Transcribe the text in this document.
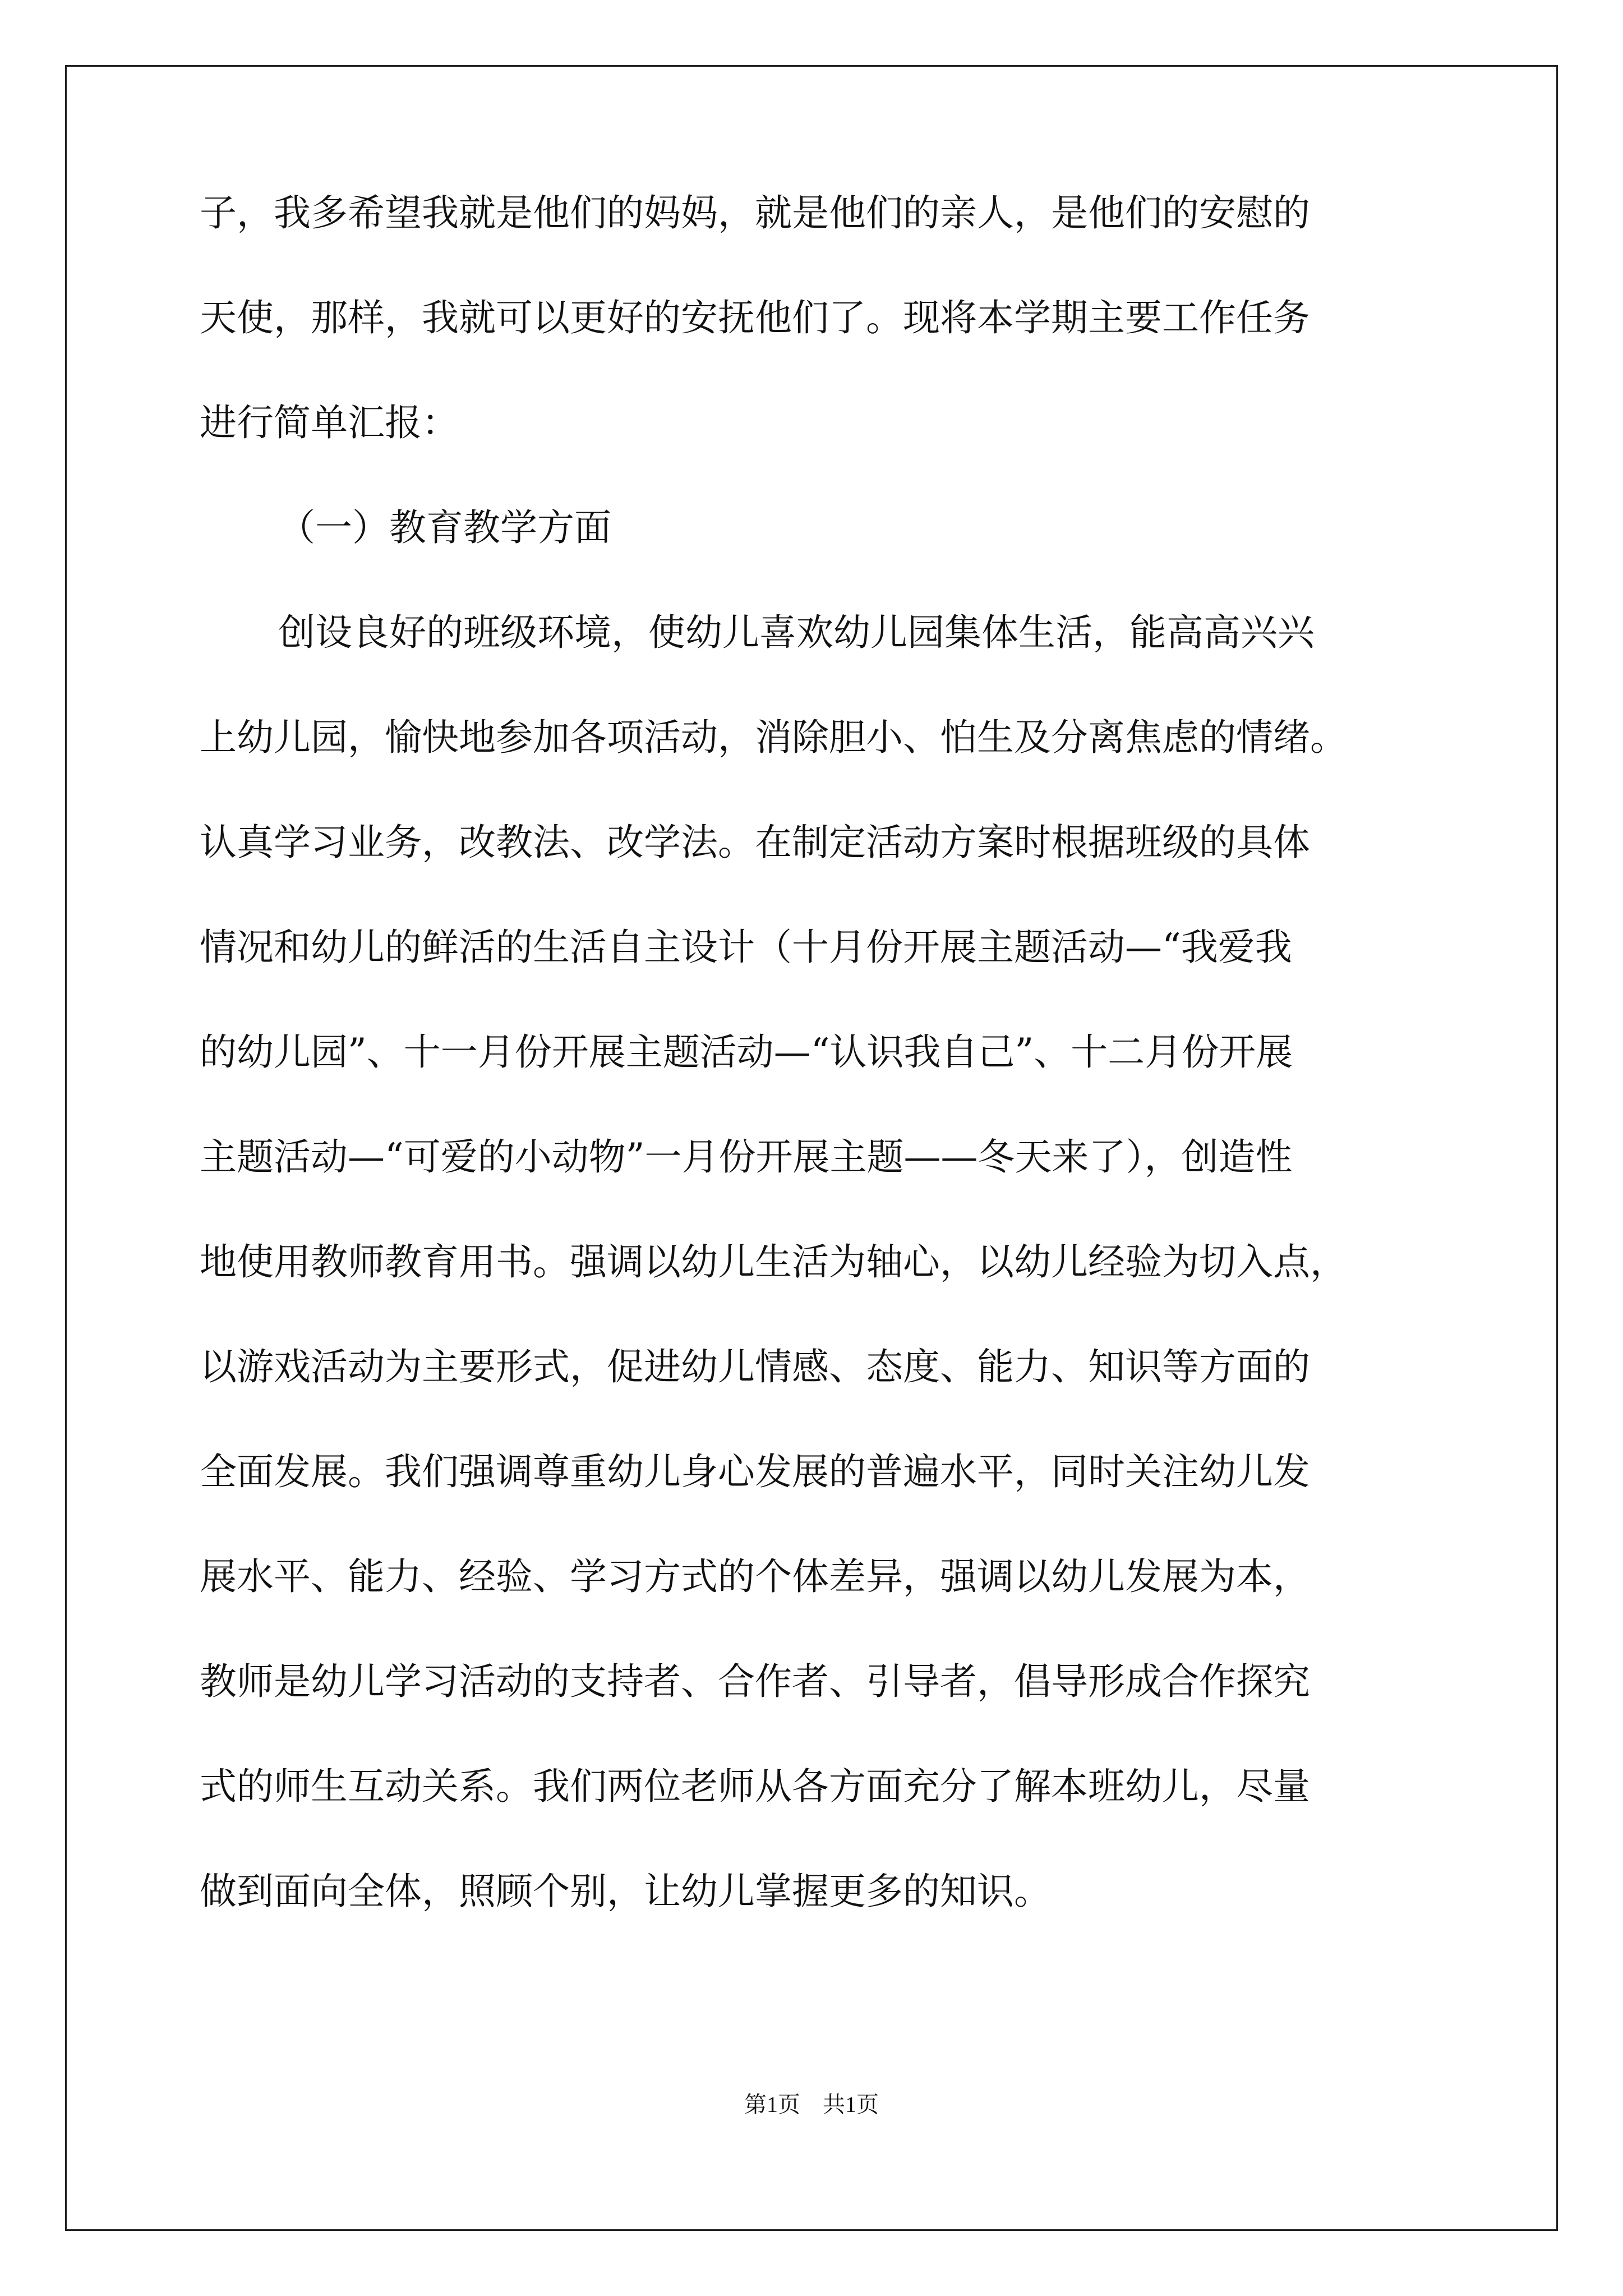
子，我多希望我就是他们的妈妈，就是他们的亲人，是他们的安慰的
天使，那样，我就可以更好的安抚他们了。现将本学期主要工作任务
进行简单汇报：
（一）教育教学方面
创设良好的班级环境，使幼儿喜欢幼儿园集体生活，能高高兴兴
上幼儿园，愉快地参加各项活动，消除胆小、怕生及分离焦虑的情绪。
认真学习业务，改教法、改学法。在制定活动方案时根据班级的具体
情况和幼儿的鲜活的生活自主设计（十月份开展主题活动—“我爱我
的幼儿园”、十一月份开展主题活动—“认识我自己”、十二月份开展
主题活动—“可爱的小动物”一月份开展主题——冬天来了），创造性
地使用教师教育用书。强调以幼儿生活为轴心，以幼儿经验为切入点，
以游戏活动为主要形式，促进幼儿情感、态度、能力、知识等方面的
全面发展。我们强调尊重幼儿身心发展的普遍水平，同时关注幼儿发
展水平、能力、经验、学习方式的个体差异，强调以幼儿发展为本，
教师是幼儿学习活动的支持者、合作者、引导者，倡导形成合作探究
式的师生互动关系。我们两位老师从各方面充分了解本班幼儿，尽量
做到面向全体，照顾个别，让幼儿掌握更多的知识。
第1页　共1页
